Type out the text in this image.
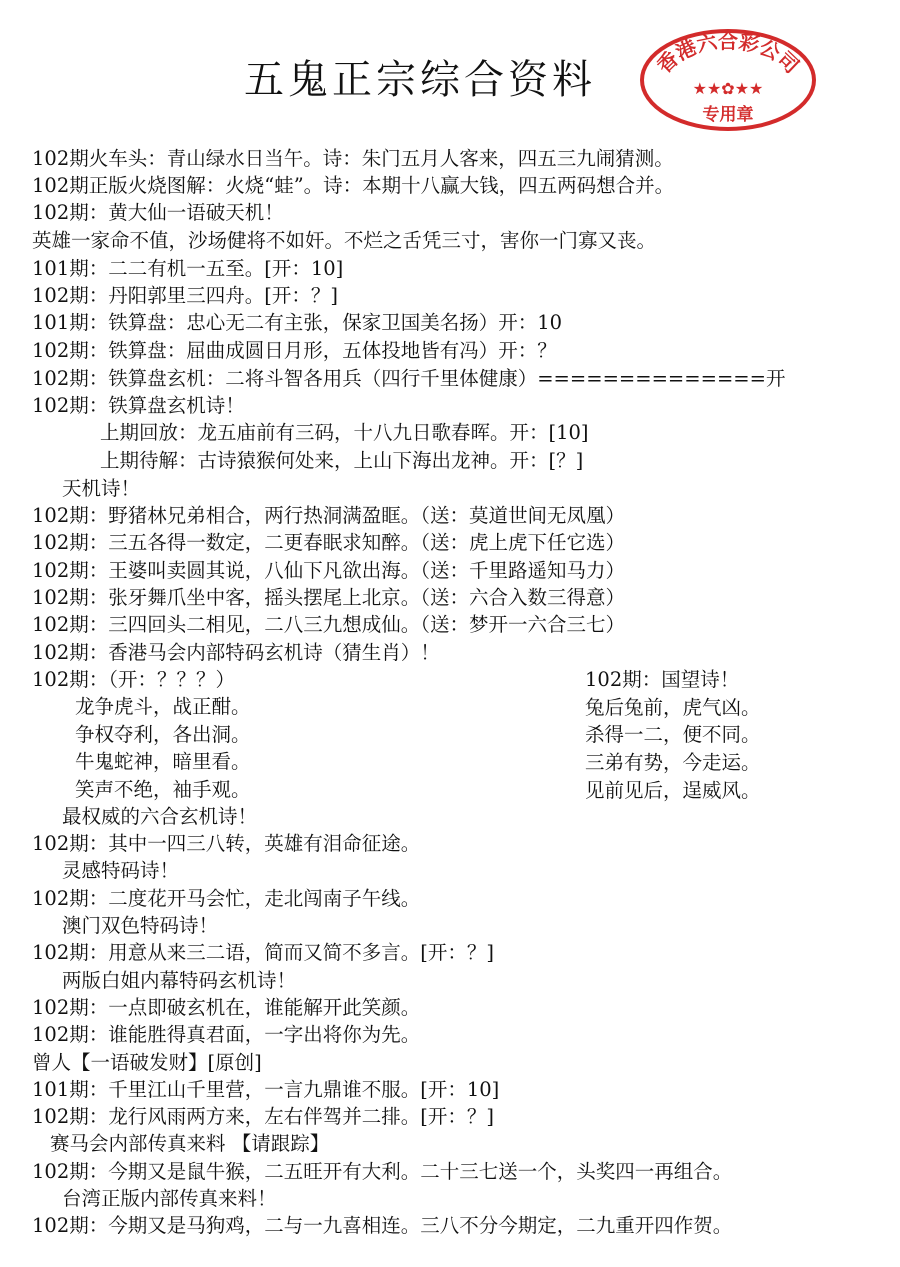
五鬼正宗综合资料	香港六合彩公司
★★✿★★
专用章
102期火车头：青山绿水日当午。诗：朱门五月人客来，四五三九闹猜测。
102期正版火烧图解：火烧“蛙”。诗：本期十八赢大钱，四五两码想合并。
102期：黄大仙一语破天机！
英雄一家命不值，沙场健将不如奸。不烂之舌凭三寸，害你一门寡又丧。
101期：二二有机一五至。[开：10]
102期：丹阳郭里三四舟。[开：？]
101期：铁算盘：忠心无二有主张，保家卫国美名扬）开：10
102期：铁算盘：屈曲成圆日月形，五体投地皆有冯）开：？
102期：铁算盘玄机：二将斗智各用兵（四行千里体健康）==============开
102期：铁算盘玄机诗！
上期回放：龙五庙前有三码，十八九日歌春晖。开：[10]
上期待解：古诗猿猴何处来，上山下海出龙神。开：[？]
天机诗！
102期：野猪林兄弟相合，两行热洞满盈眶。（送：莫道世间无凤凰）
102期：三五各得一数定，二更春眠求知醉。（送：虎上虎下任它选）
102期：王婆叫卖圆其说，八仙下凡欲出海。（送：千里路遥知马力）
102期：张牙舞爪坐中客，摇头摆尾上北京。（送：六合入数三得意）
102期：三四回头二相见，二八三九想成仙。（送：梦开一六合三七）
102期：香港马会内部特码玄机诗（猜生肖）！
102期：（开：？？？）
龙争虎斗，战正酣。
争权夺利，各出洞。
牛鬼蛇神，暗里看。
笑声不绝，袖手观。
102期：国望诗！
兔后兔前，虎气凶。
杀得一二，便不同。
三弟有势，今走运。
见前见后，逞威风。
最权威的六合玄机诗！
102期：其中一四三八转，英雄有泪命征途。
灵感特码诗！
102期：二度花开马会忙，走北闯南子午线。
澳门双色特码诗！
102期：用意从来三二语，简而又简不多言。[开：？]
两版白姐内幕特码玄机诗！
102期：一点即破玄机在，谁能解开此笑颜。
102期：谁能胜得真君面，一字出将你为先。
曾人【一语破发财】[原创]
101期：千里江山千里营，一言九鼎谁不服。[开：10]
102期：龙行风雨两方来，左右伴驾并二排。[开：？]
赛马会内部传真来料 【请跟踪】
102期：今期又是鼠牛猴，二五旺开有大利。二十三七送一个，头奖四一再组合。
台湾正版内部传真来料！
102期：今期又是马狗鸡，二与一九喜相连。三八不分今期定，二九重开四作贺。
